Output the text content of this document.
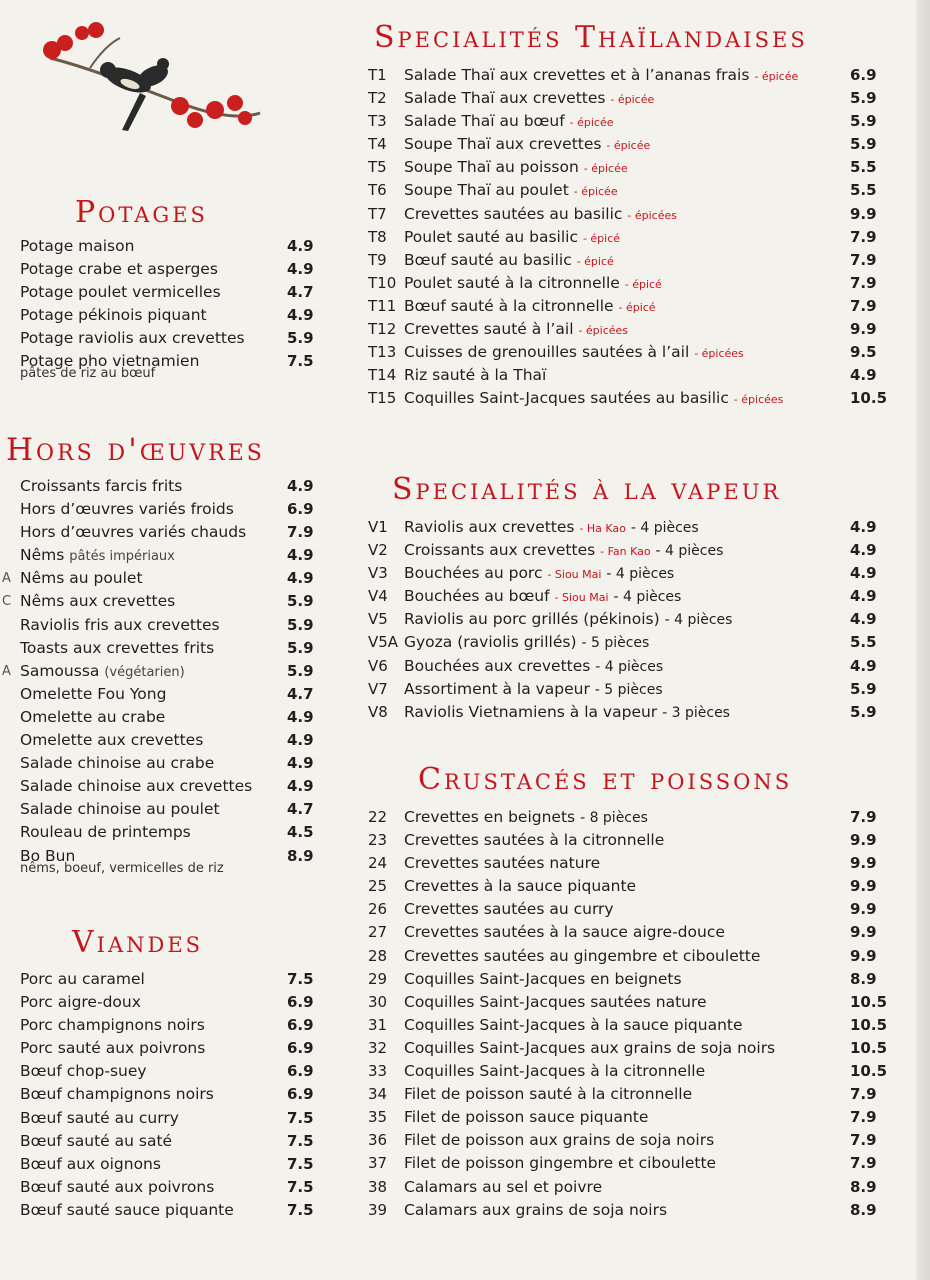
Potages
Potage maison	4.9
Potage crabe et asperges	4.9
Potage poulet vermicelles	4.7
Potage pékinois piquant	4.9
Potage raviolis aux crevettes	5.9
Potage pho vietnamien	7.5
pâtes de riz au bœuf
Hors d'œuvres
Croissants farcis frits	4.9
Hors d’œuvres variés froids	6.9
Hors d’œuvres variés chauds	7.9
Nêms pâtés impériaux	4.9
A Nêms au poulet	4.9
C Nêms aux crevettes	5.9
Raviolis fris aux crevettes	5.9
Toasts aux crevettes frits	5.9
A Samoussa (végétarien)	5.9
Omelette Fou Yong	4.7
Omelette au crabe	4.9
Omelette aux crevettes	4.9
Salade chinoise au crabe	4.9
Salade chinoise aux crevettes 4.9
Salade chinoise au poulet	4.7
Rouleau de printemps	4.5
Bo Bun	8.9
nêms, boeuf, vermicelles de riz
Viandes
Porc au caramel	7.5
Porc aigre-doux	6.9
Porc champignons noirs	6.9
Porc sauté aux poivrons	6.9
Bœuf chop-suey	6.9
Bœuf champignons noirs	6.9
Bœuf sauté au curry	7.5
Bœuf sauté au saté	7.5
Bœuf aux oignons	7.5
Bœuf sauté aux poivrons	7.5
Bœuf sauté sauce piquante	7.5
Specialités Thaïlandaises
T1 Salade Thaï aux crevettes et à l’ananas frais - épicée	6.9
T2 Salade Thaï aux crevettes - épicée	5.9
T3 Salade Thaï au bœuf - épicée	5.9
T4 Soupe Thaï aux crevettes - épicée	5.9
T5 Soupe Thaï au poisson - épicée	5.5
T6 Soupe Thaï au poulet - épicée	5.5
T7 Crevettes sautées au basilic - épicées	9.9
T8 Poulet sauté au basilic - épicé	7.9
T9 Bœuf sauté au basilic - épicé	7.9
T10 Poulet sauté à la citronnelle - épicé	7.9
T11 Bœuf sauté à la citronnelle - épicé	7.9
T12 Crevettes sauté à l’ail - épicées	9.9
T13 Cuisses de grenouilles sautées à l’ail - épicées	9.5
T14 Riz sauté à la Thaï	4.9
T15 Coquilles Saint-Jacques sautées au basilic - épicées	10.5
Specialités à la vapeur
V1 Raviolis aux crevettes - Ha Kao - 4 pièces	4.9
V2 Croissants aux crevettes - Fan Kao - 4 pièces	4.9
V3 Bouchées au porc - Siou Mai - 4 pièces	4.9
V4 Bouchées au bœuf - Siou Mai - 4 pièces	4.9
V5 Raviolis au porc grillés (pékinois) - 4 pièces	4.9
V5A Gyoza (raviolis grillés) - 5 pièces	5.5
V6 Bouchées aux crevettes - 4 pièces	4.9
V7 Assortiment à la vapeur - 5 pièces	5.9
V8 Raviolis Vietnamiens à la vapeur - 3 pièces	5.9
Crustacés et poissons
22 Crevettes en beignets - 8 pièces	7.9
23 Crevettes sautées à la citronnelle	9.9
24 Crevettes sautées nature	9.9
25 Crevettes à la sauce piquante	9.9
26 Crevettes sautées au curry	9.9
27 Crevettes sautées à la sauce aigre-douce	9.9
28 Crevettes sautées au gingembre et ciboulette	9.9
29 Coquilles Saint-Jacques en beignets	8.9
30 Coquilles Saint-Jacques sautées nature	10.5
31 Coquilles Saint-Jacques à la sauce piquante	10.5
32 Coquilles Saint-Jacques aux grains de soja noirs	10.5
33 Coquilles Saint-Jacques à la citronnelle	10.5
34 Filet de poisson sauté à la citronnelle	7.9
35 Filet de poisson sauce piquante	7.9
36 Filet de poisson aux grains de soja noirs	7.9
37 Filet de poisson gingembre et ciboulette	7.9
38 Calamars au sel et poivre	8.9
39 Calamars aux grains de soja noirs	8.9
